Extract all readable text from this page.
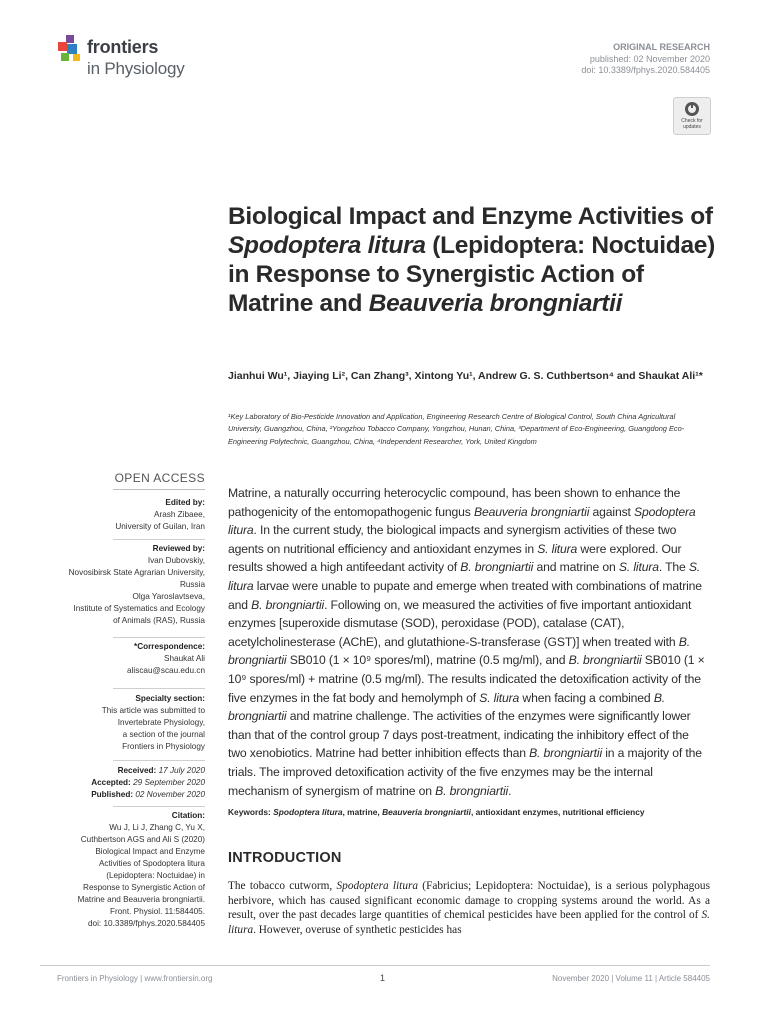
frontiers
in Physiology
ORIGINAL RESEARCH
published: 02 November 2020
doi: 10.3389/fphys.2020.584405
Check for updates
Biological Impact and Enzyme Activities of Spodoptera litura (Lepidoptera: Noctuidae) in Response to Synergistic Action of Matrine and Beauveria brongniartii
Jianhui Wu¹, Jiaying Li², Can Zhang³, Xintong Yu¹, Andrew G. S. Cuthbertson⁴ and Shaukat Ali¹*
¹Key Laboratory of Bio-Pesticide Innovation and Application, Engineering Research Centre of Biological Control, South China Agricultural University, Guangzhou, China, ²Yongzhou Tobacco Company, Yongzhou, Hunan, China, ³Department of Eco-Engineering, Guangdong Eco-Engineering Polytechnic, Guangzhou, China, ⁴Independent Researcher, York, United Kingdom
OPEN ACCESS
Edited by:
Arash Zibaee,
University of Guilan, Iran
Reviewed by:
Ivan Dubovskiy,
Novosibirsk State Agrarian University,
Russia
Olga Yaroslavtseva,
Institute of Systematics and Ecology
of Animals (RAS), Russia
*Correspondence:
Shaukat Ali
aliscau@scau.edu.cn
Specialty section:
This article was submitted to
Invertebrate Physiology,
a section of the journal
Frontiers in Physiology
Received: 17 July 2020
Accepted: 29 September 2020
Published: 02 November 2020
Citation:
Wu J, Li J, Zhang C, Yu X,
Cuthbertson AGS and Ali S (2020)
Biological Impact and Enzyme
Activities of Spodoptera litura
(Lepidoptera: Noctuidae) in
Response to Synergistic Action of
Matrine and Beauveria brongniartii.
Front. Physiol. 11:584405.
doi: 10.3389/fphys.2020.584405
Matrine, a naturally occurring heterocyclic compound, has been shown to enhance the pathogenicity of the entomopathogenic fungus Beauveria brongniartii against Spodoptera litura. In the current study, the biological impacts and synergism activities of these two agents on nutritional efficiency and antioxidant enzymes in S. litura were explored. Our results showed a high antifeedant activity of B. brongniartii and matrine on S. litura. The S. litura larvae were unable to pupate and emerge when treated with combinations of matrine and B. brongniartii. Following on, we measured the activities of five important antioxidant enzymes [superoxide dismutase (SOD), peroxidase (POD), catalase (CAT), acetylcholinesterase (AChE), and glutathione-S-transferase (GST)] when treated with B. brongniartii SB010 (1 × 10⁹ spores/ml), matrine (0.5 mg/ml), and B. brongniartii SB010 (1 × 10⁹ spores/ml) + matrine (0.5 mg/ml). The results indicated the detoxification activity of the five enzymes in the fat body and hemolymph of S. litura when facing a combined B. brongniartii and matrine challenge. The activities of the enzymes were significantly lower than that of the control group 7 days post-treatment, indicating the inhibitory effect of the two xenobiotics. Matrine had better inhibition effects than B. brongniartii in a majority of the trials. The improved detoxification activity of the five enzymes may be the internal mechanism of synergism of matrine on B. brongniartii.
Keywords: Spodoptera litura, matrine, Beauveria brongniartii, antioxidant enzymes, nutritional efficiency
INTRODUCTION
The tobacco cutworm, Spodoptera litura (Fabricius; Lepidoptera: Noctuidae), is a serious polyphagous herbivore, which has caused significant economic damage to cropping systems around the world. As a result, over the past decades large quantities of chemical pesticides have been applied for the control of S. litura. However, overuse of synthetic pesticides has
Frontiers in Physiology | www.frontiersin.org	1	November 2020 | Volume 11 | Article 584405
